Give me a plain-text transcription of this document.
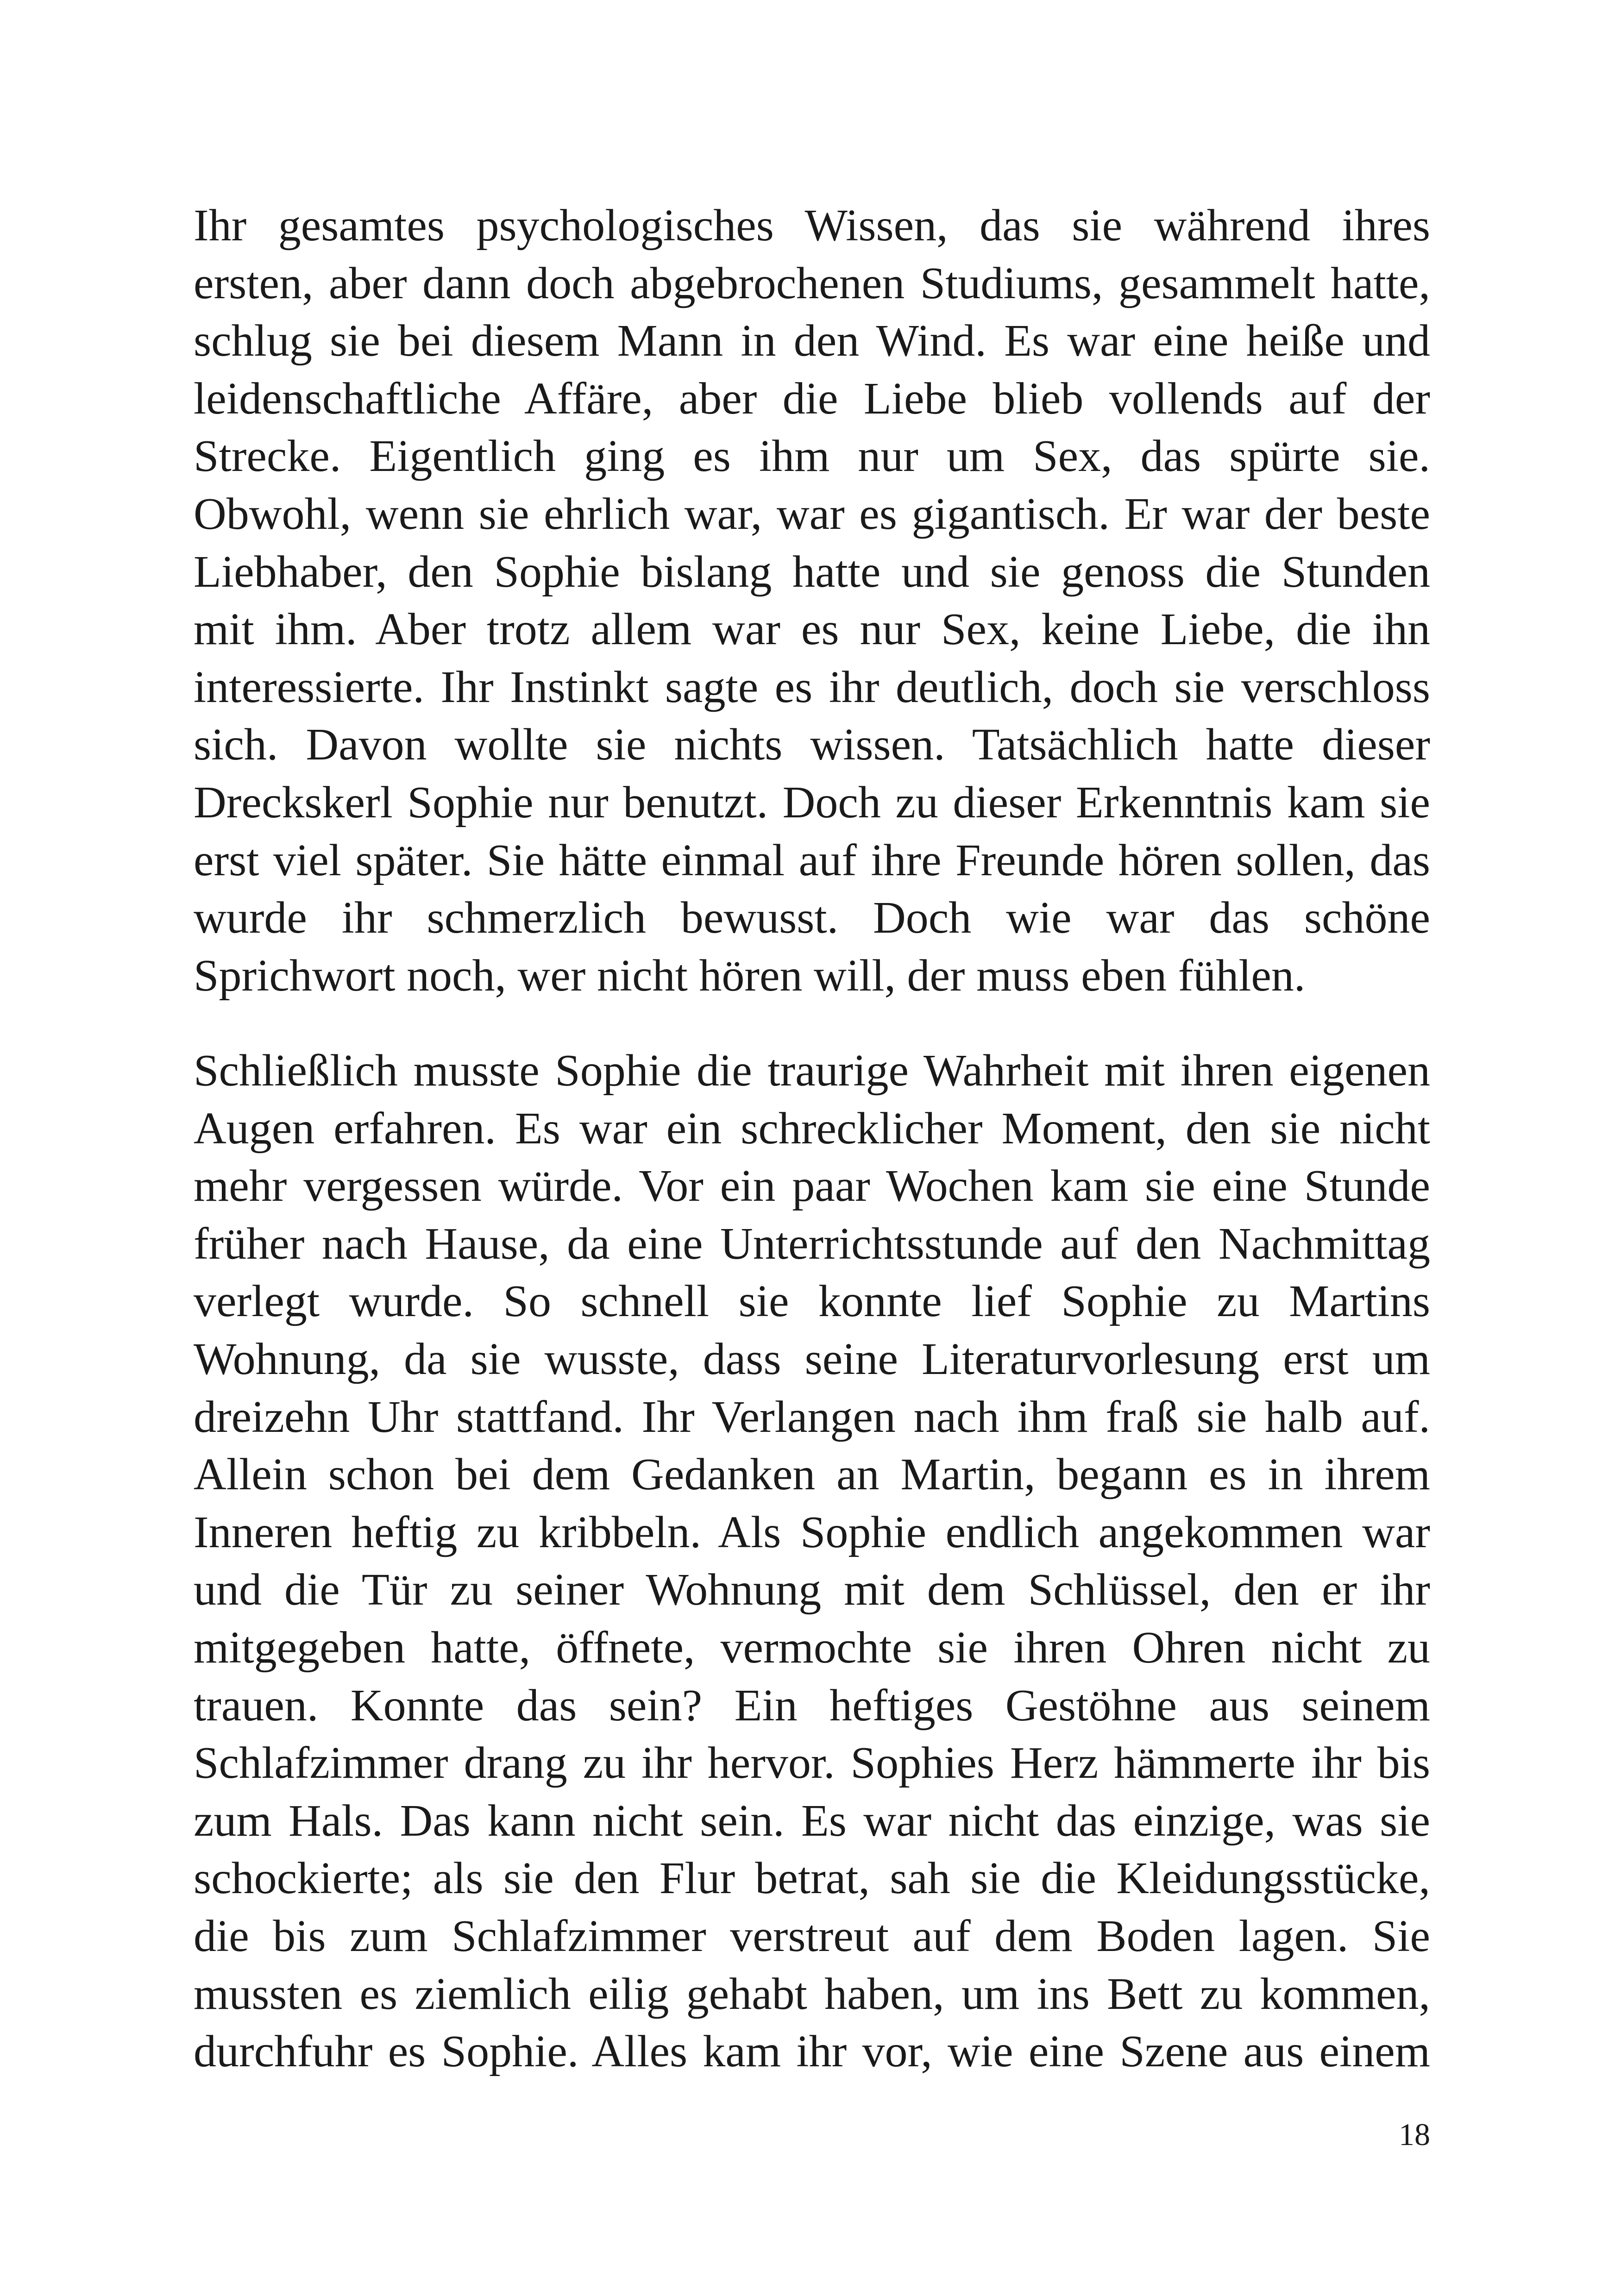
Ihr gesamtes psychologisches Wissen, das sie während ihres
ersten, aber dann doch abgebrochenen Studiums, gesammelt hatte,
schlug sie bei diesem Mann in den Wind. Es war eine heiße und
leidenschaftliche Affäre, aber die Liebe blieb vollends auf der
Strecke. Eigentlich ging es ihm nur um Sex, das spürte sie.
Obwohl, wenn sie ehrlich war, war es gigantisch. Er war der beste
Liebhaber, den Sophie bislang hatte und sie genoss die Stunden
mit ihm. Aber trotz allem war es nur Sex, keine Liebe, die ihn
interessierte. Ihr Instinkt sagte es ihr deutlich, doch sie verschloss
sich. Davon wollte sie nichts wissen. Tatsächlich hatte dieser
Dreckskerl Sophie nur benutzt. Doch zu dieser Erkenntnis kam sie
erst viel später. Sie hätte einmal auf ihre Freunde hören sollen, das
wurde ihr schmerzlich bewusst. Doch wie war das schöne
Sprichwort noch, wer nicht hören will, der muss eben fühlen.
Schließlich musste Sophie die traurige Wahrheit mit ihren eigenen
Augen erfahren. Es war ein schrecklicher Moment, den sie nicht
mehr vergessen würde. Vor ein paar Wochen kam sie eine Stunde
früher nach Hause, da eine Unterrichtsstunde auf den Nachmittag
verlegt wurde. So schnell sie konnte lief Sophie zu Martins
Wohnung, da sie wusste, dass seine Literaturvorlesung erst um
dreizehn Uhr stattfand. Ihr Verlangen nach ihm fraß sie halb auf.
Allein schon bei dem Gedanken an Martin, begann es in ihrem
Inneren heftig zu kribbeln. Als Sophie endlich angekommen war
und die Tür zu seiner Wohnung mit dem Schlüssel, den er ihr
mitgegeben hatte, öffnete, vermochte sie ihren Ohren nicht zu
trauen. Konnte das sein? Ein heftiges Gestöhne aus seinem
Schlafzimmer drang zu ihr hervor. Sophies Herz hämmerte ihr bis
zum Hals. Das kann nicht sein. Es war nicht das einzige, was sie
schockierte; als sie den Flur betrat, sah sie die Kleidungsstücke,
die bis zum Schlafzimmer verstreut auf dem Boden lagen. Sie
mussten es ziemlich eilig gehabt haben, um ins Bett zu kommen,
durchfuhr es Sophie. Alles kam ihr vor, wie eine Szene aus einem
18
